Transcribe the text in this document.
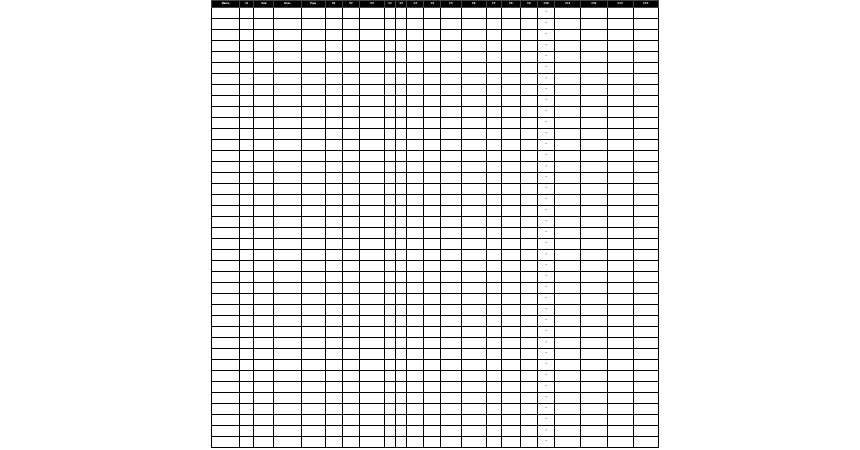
Name	Id	Sub	Desc	Type	V1	V2	V3	C1	C2	C3	C4	C5	C6	C7	C8	C9	C10	C11	C12	C13	C14
																	*				
																	*				
																	*				
																	*				
																	*				
																	*				
																	*				
																	*				
																	*				
																	*				
																	*				
																	*				
																	*				
																	*				
																	*				
																	*				
																	*				
																	*				
																	*				
																	*				
																	*				
																	*				
																	*				
																	*				
																	*				
																	*				
																	*				
																	*				
																	*				
																	*				
																	*				
																	*				
																	*				
																	*				
																	*				
																	*				
																	*				
																	*				
																	*				
																	*				
